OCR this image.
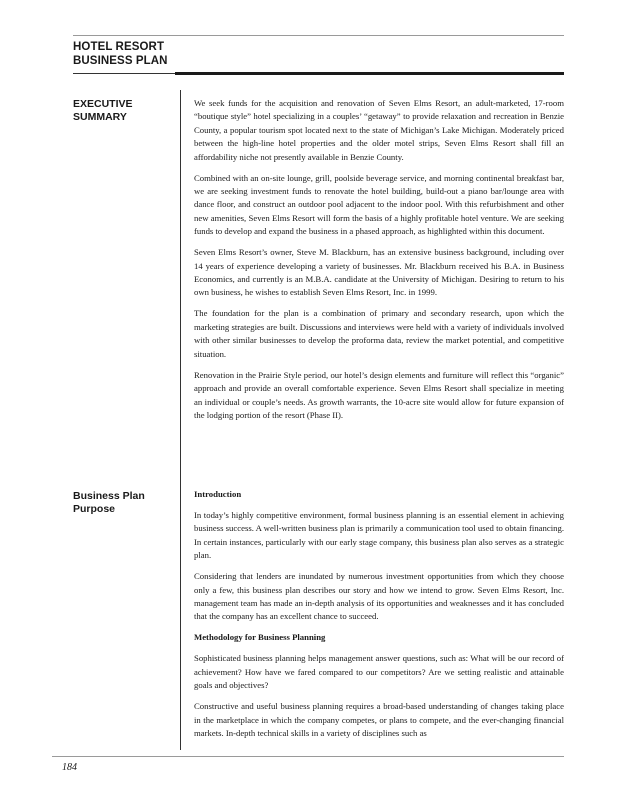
HOTEL RESORT
BUSINESS PLAN
EXECUTIVE
SUMMARY

We seek funds for the acquisition and renovation of Seven Elms Resort, an adult-marketed, 17-room “boutique style” hotel specializing in a couples’ “getaway” to provide relaxation and recreation in Benzie County, a popular tourism spot located next to the state of Michigan’s Lake Michigan. Moderately priced between the high-line hotel properties and the older motel strips, Seven Elms Resort shall fill an affordability niche not presently available in Benzie County.

Combined with an on-site lounge, grill, poolside beverage service, and morning continental breakfast bar, we are seeking investment funds to renovate the hotel building, build-out a piano bar/lounge area with dance floor, and construct an outdoor pool adjacent to the indoor pool. With this refurbishment and other new amenities, Seven Elms Resort will form the basis of a highly profitable hotel venture. We are seeking funds to develop and expand the business in a phased approach, as highlighted within this document.

Seven Elms Resort’s owner, Steve M. Blackburn, has an extensive business background, including over 14 years of experience developing a variety of businesses. Mr. Blackburn received his B.A. in Business Economics, and currently is an M.B.A. candidate at the University of Michigan. Desiring to return to his own business, he wishes to establish Seven Elms Resort, Inc. in 1999.

The foundation for the plan is a combination of primary and secondary research, upon which the marketing strategies are built. Discussions and interviews were held with a variety of individuals involved with other similar businesses to develop the proforma data, review the market potential, and competitive situation.

Renovation in the Prairie Style period, our hotel’s design elements and furniture will reflect this “organic” approach and provide an overall comfortable experience. Seven Elms Resort shall specialize in meeting an individual or couple’s needs. As growth warrants, the 10-acre site would allow for future expansion of the lodging portion of the resort (Phase II).

Business Plan
Purpose
Introduction

In today’s highly competitive environment, formal business planning is an essential element in achieving business success. A well-written business plan is primarily a communication tool used to obtain financing. In certain instances, particularly with our early stage company, this business plan also serves as a strategic plan.

Considering that lenders are inundated by numerous investment opportunities from which they choose only a few, this business plan describes our story and how we intend to grow. Seven Elms Resort, Inc. management team has made an in-depth analysis of its opportunities and weaknesses and it has concluded that the company has an excellent chance to succeed.

Methodology for Business Planning

Sophisticated business planning helps management answer questions, such as: What will be our record of achievement? How have we fared compared to our competitors? Are we setting realistic and attainable goals and objectives?

Constructive and useful business planning requires a broad-based understanding of changes taking place in the marketplace in which the company competes, or plans to compete, and the ever-changing financial markets. In-depth technical skills in a variety of disciplines such as

184
